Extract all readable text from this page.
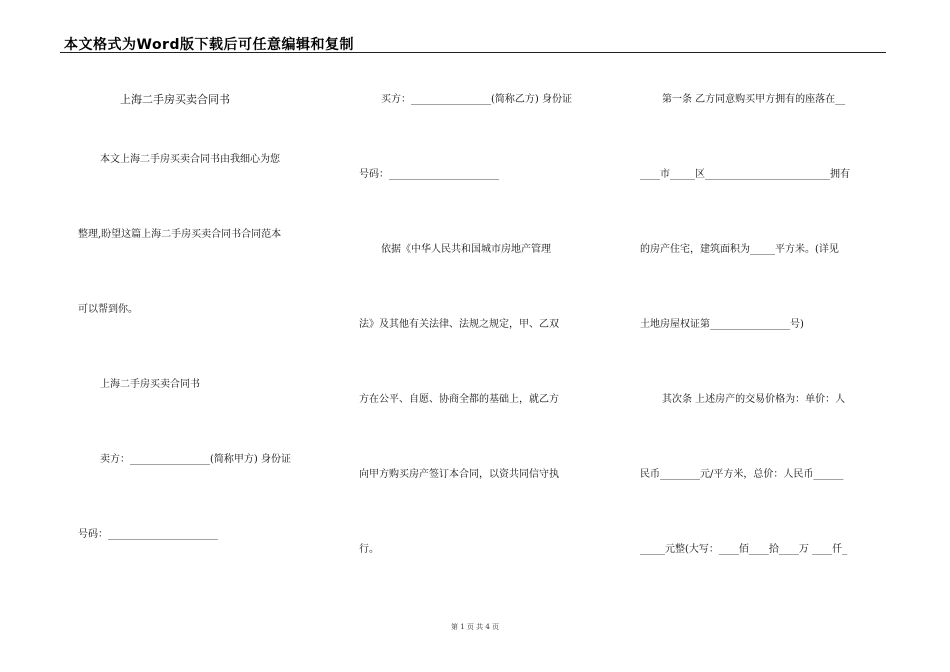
本文格式为Word版下载后可任意编辑和复制
上海二手房买卖合同书
本文上海二手房买卖合同书由我细心为您
整理,盼望这篇上海二手房买卖合同书合同范本
可以帮到你。
上海二手房买卖合同书
卖方：________________(简称甲方) 身份证
号码：______________________
买方：________________(简称乙方) 身份证
号码：______________________
依据《中华人民共和国城市房地产管理
法》及其他有关法律、法规之规定，甲、乙双
方在公平、自愿、协商全都的基础上，就乙方
向甲方购买房产签订本合同，以资共同信守执
行。
第一条 乙方同意购买甲方拥有的座落在__
____市_____区_________________________拥有
的房产住宅，建筑面积为_____平方米。(详见
土地房屋权证第________________号)
其次条 上述房产的交易价格为：单价：人
民币________元/平方米，总价：人民币______
_____元整(大写：____佰____拾____万 ____仟_
第 1 页 共 4 页
